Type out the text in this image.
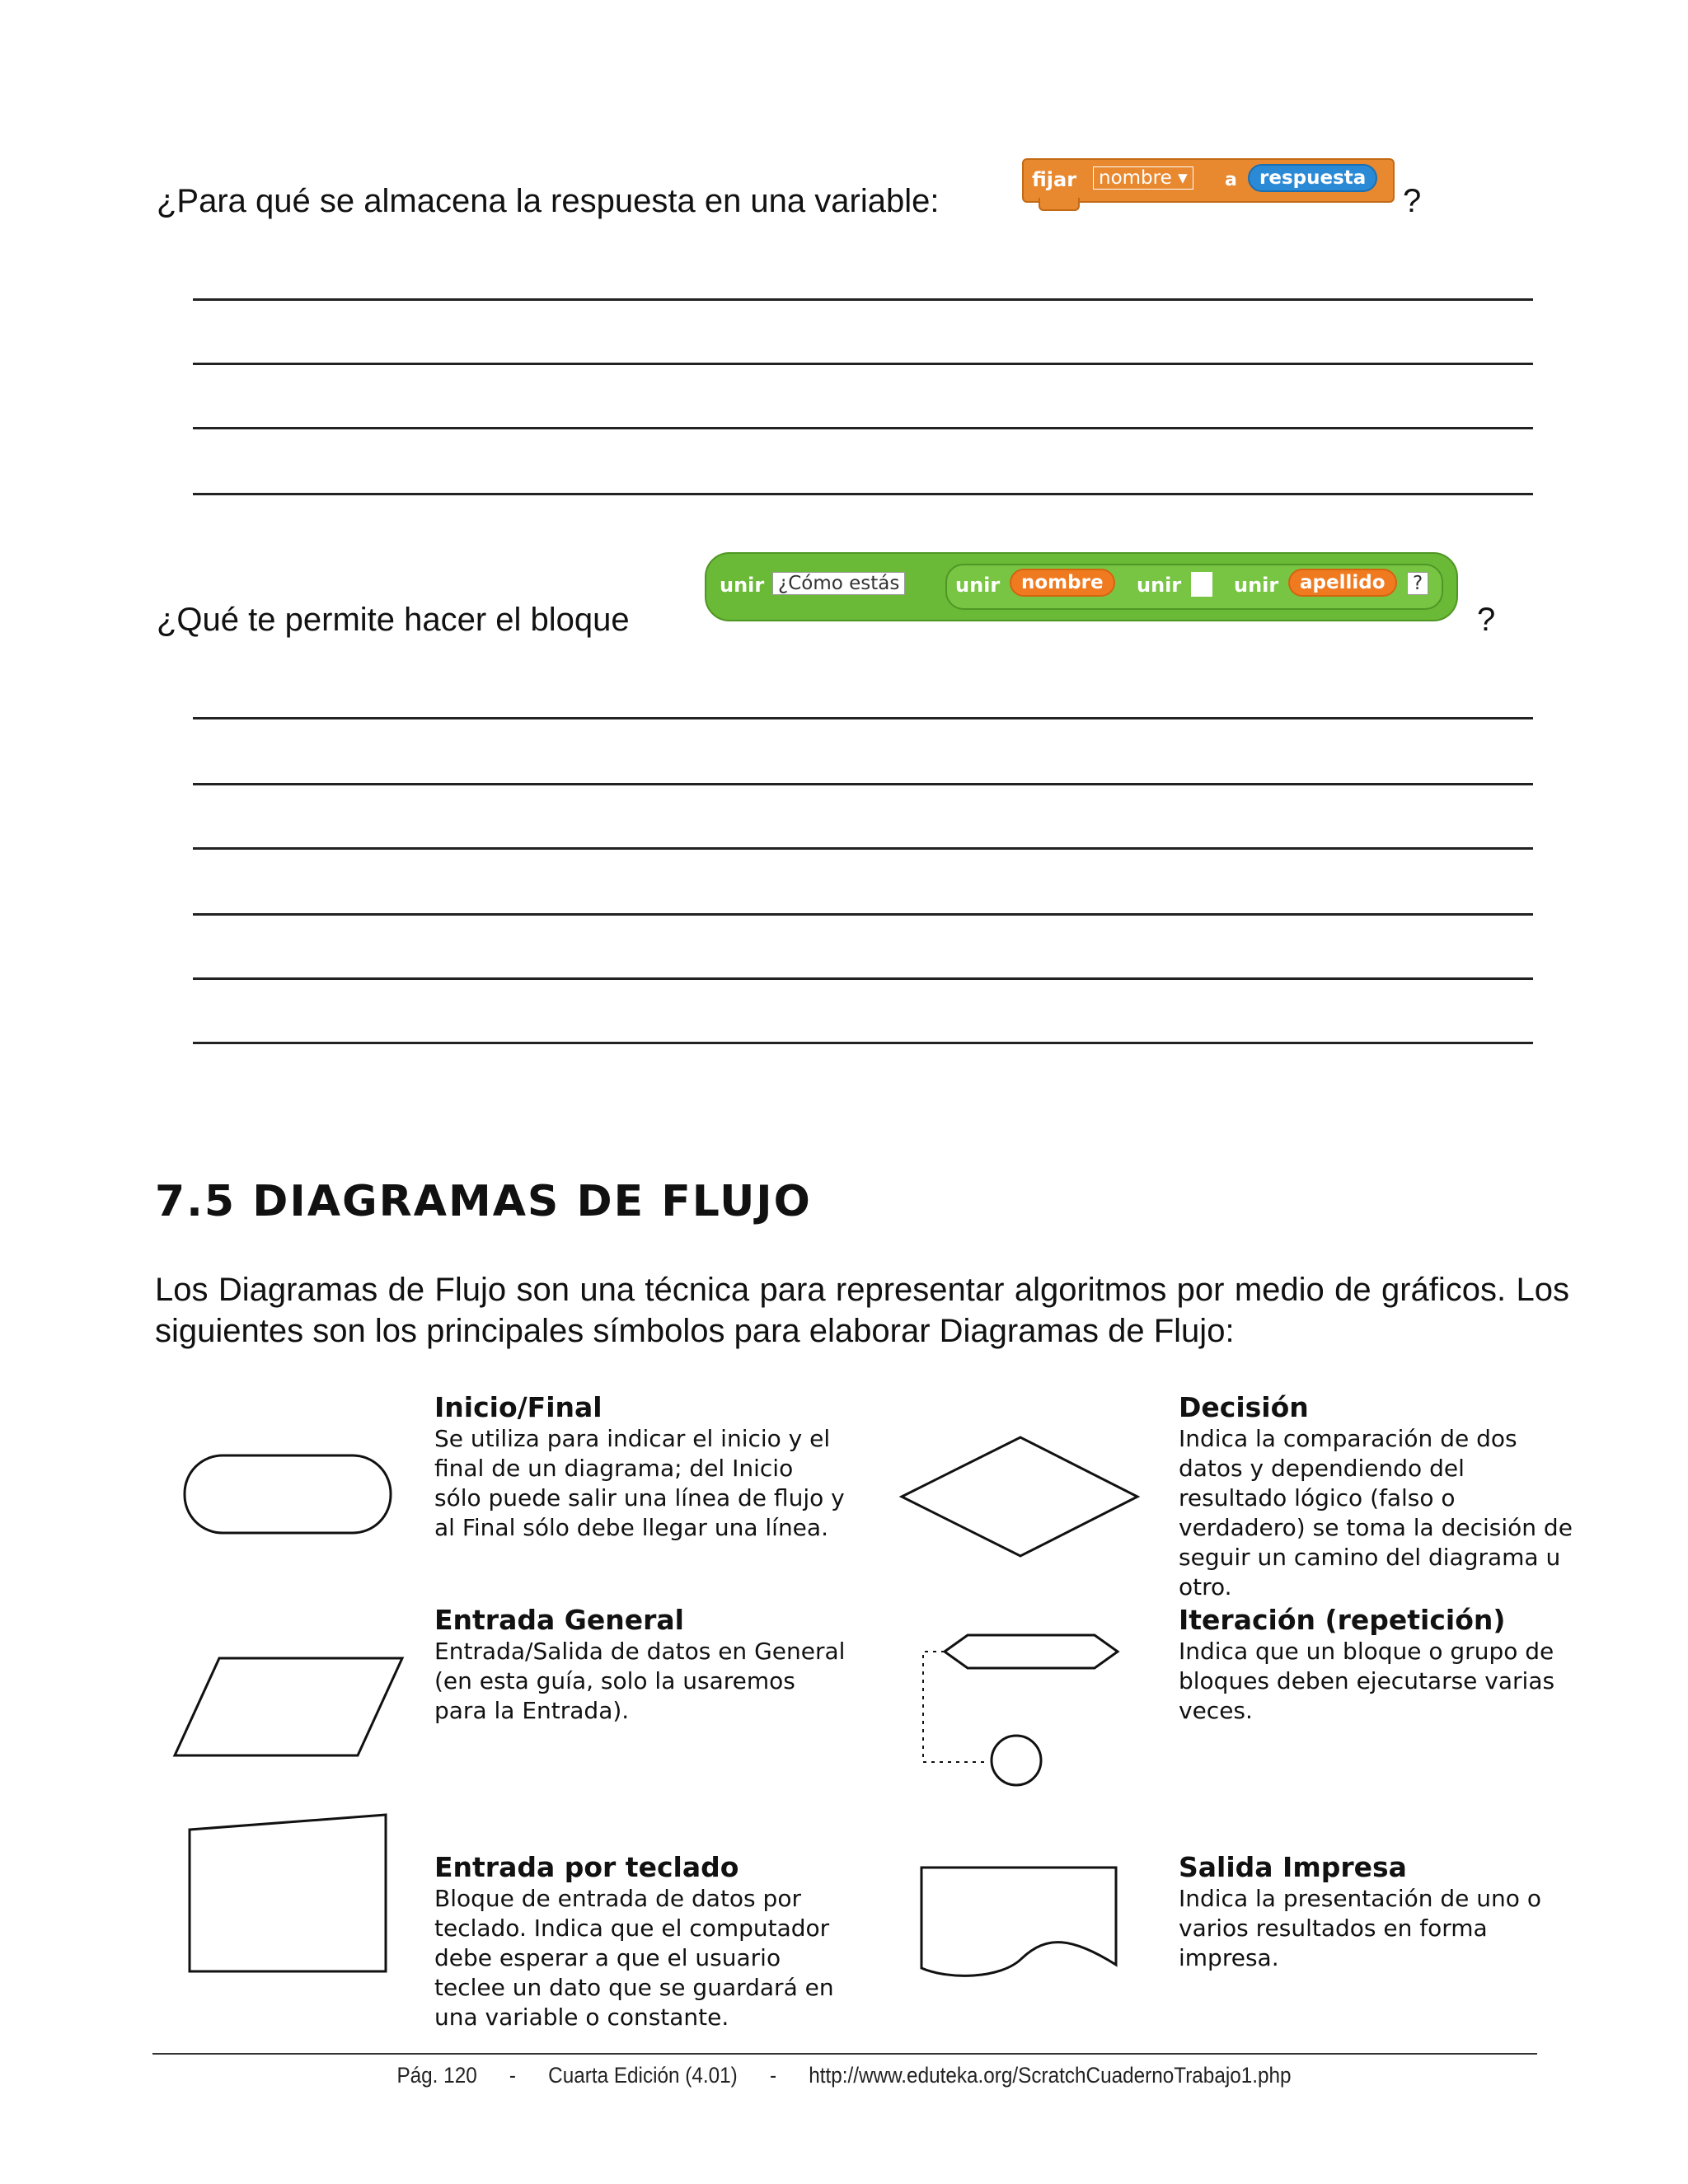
¿Para qué se almacena la respuesta en una variable:
fijar	nombre ▾	a	respuesta
?
¿Qué te permite hacer el bloque
unir ¿Cómo estás	unir	nombre	unir	unir	apellido	?
?
7.5 DIAGRAMAS DE FLUJO
Los Diagramas de Flujo son una técnica para representar algoritmos por medio de gráficos. Los siguientes son los principales símbolos para elaborar Diagramas de Flujo:
Inicio/Final
Se utiliza para indicar el inicio y el final de un diagrama; del Inicio sólo puede salir una línea de flujo y al Final sólo debe llegar una línea.
Decisión
Indica la comparación de dos datos y dependiendo del resultado lógico (falso o verdadero) se toma la decisión de seguir un camino del diagrama u otro.
Entrada General
Entrada/Salida de datos en General (en esta guía, solo la usaremos para la Entrada).
Iteración (repetición)
Indica que un bloque o grupo de bloques deben ejecutarse varias veces.
Entrada por teclado
Bloque de entrada de datos por teclado. Indica que el computador debe esperar a que el usuario teclee un dato que se guardará en una variable o constante.
Salida Impresa
Indica la presentación de uno o varios resultados en forma impresa.
Pág. 120 - Cuarta Edición (4.01) - http://www.eduteka.org/ScratchCuadernoTrabajo1.php
